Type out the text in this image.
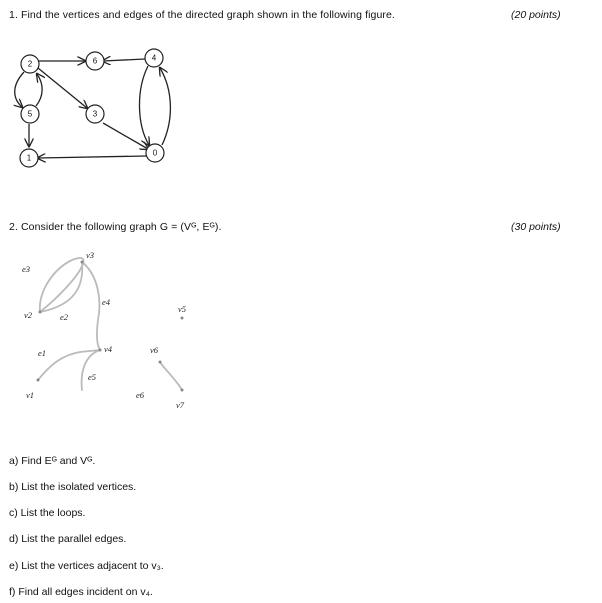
1. Find the vertices and edges of the directed graph shown in the following figure.	(20 points)
2	6	4
5	3
1
0
e3
v3
v2	e2
e4
v5
e1	v4	v6
e5
v1	e6
v7
2. Consider the following graph G = (Vᴳ, Eᴳ).	(30 points)
a) Find Eᴳ and Vᴳ.
b) List the isolated vertices.
c) List the loops.
d) List the parallel edges.
e) List the vertices adjacent to v₃.
f) Find all edges incident on v₄.
